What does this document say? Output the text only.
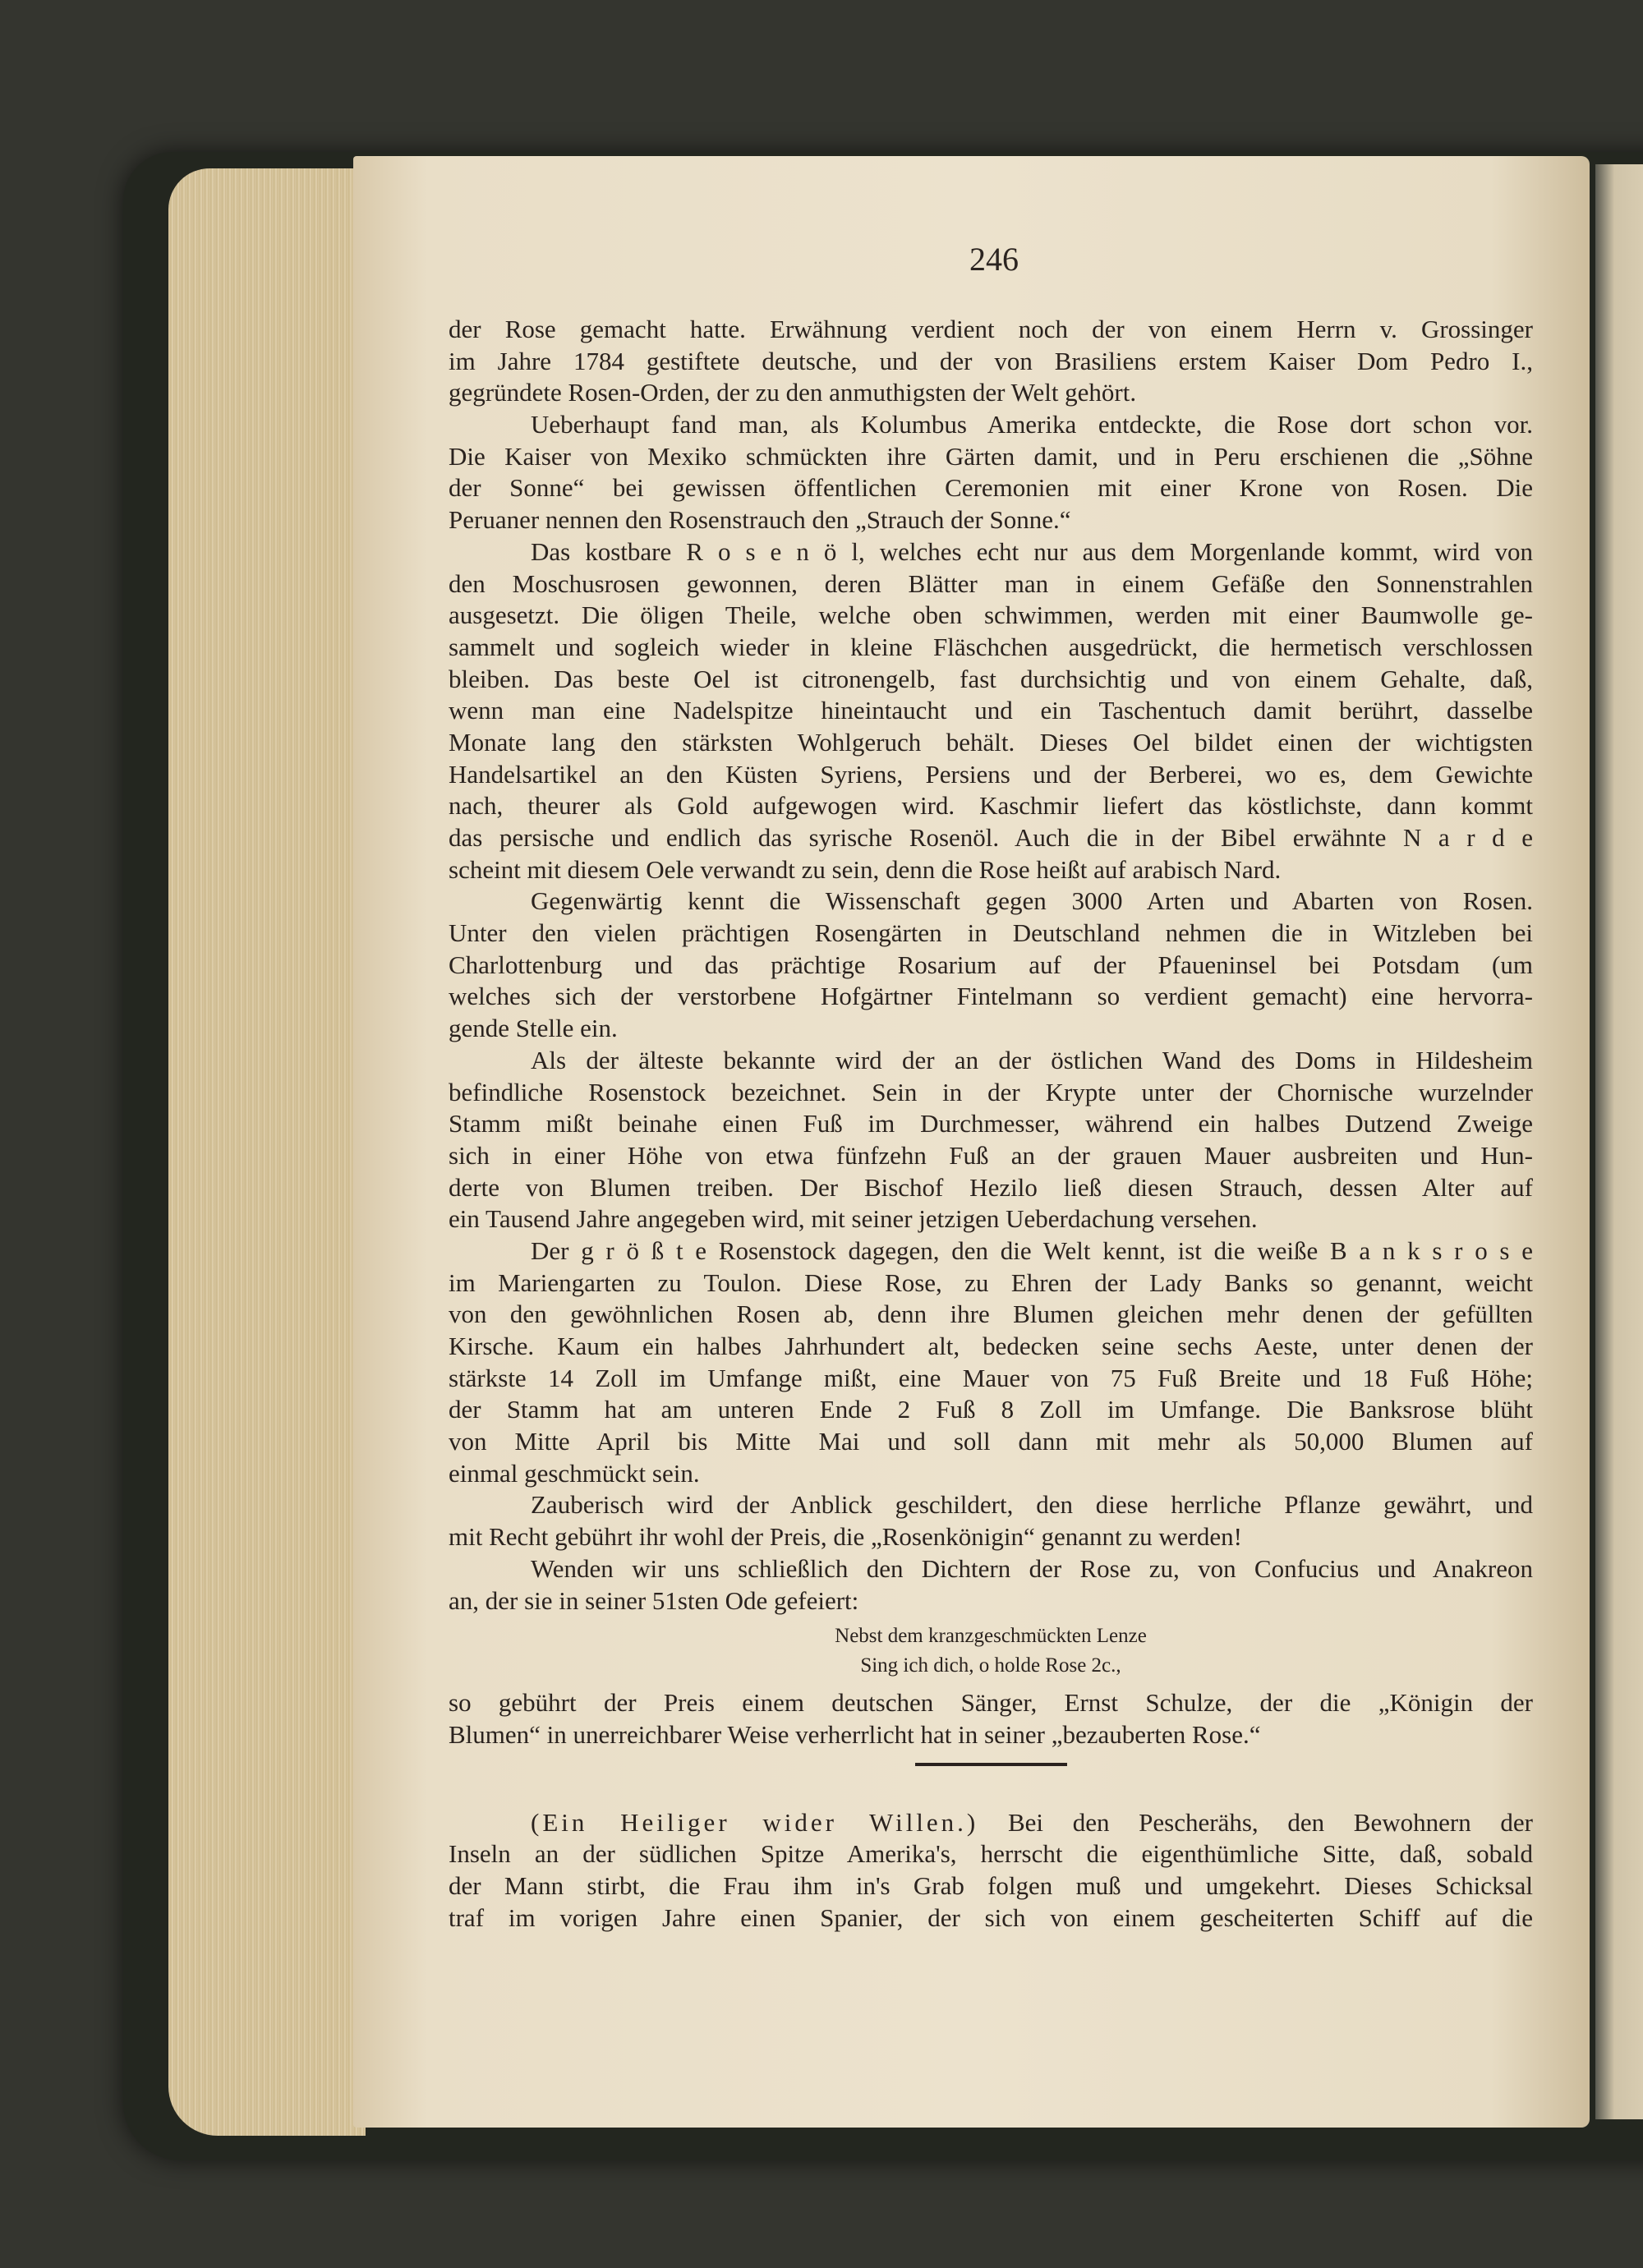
246
der Rose gemacht hatte. Erwähnung verdient noch der von einem Herrn v. Grossinger
im Jahre 1784 gestiftete deutsche, und der von Brasiliens erstem Kaiser Dom Pedro I.,
gegründete Rosen-Orden, der zu den anmuthigsten der Welt gehört.
Ueberhaupt fand man, als Kolumbus Amerika entdeckte, die Rose dort schon vor.
Die Kaiser von Mexiko schmückten ihre Gärten damit, und in Peru erschienen die „Söhne
der Sonne“ bei gewissen öffentlichen Ceremonien mit einer Krone von Rosen. Die
Peruaner nennen den Rosenstrauch den „Strauch der Sonne.“
Das kostbare R o s e n ö l, welches echt nur aus dem Morgenlande kommt, wird von
den Moschusrosen gewonnen, deren Blätter man in einem Gefäße den Sonnenstrahlen
ausgesetzt. Die öligen Theile, welche oben schwimmen, werden mit einer Baumwolle ge-
sammelt und sogleich wieder in kleine Fläschchen ausgedrückt, die hermetisch verschlossen
bleiben. Das beste Oel ist citronengelb, fast durchsichtig und von einem Gehalte, daß,
wenn man eine Nadelspitze hineintaucht und ein Taschentuch damit berührt, dasselbe
Monate lang den stärksten Wohlgeruch behält. Dieses Oel bildet einen der wichtigsten
Handelsartikel an den Küsten Syriens, Persiens und der Berberei, wo es, dem Gewichte
nach, theurer als Gold aufgewogen wird. Kaschmir liefert das köstlichste, dann kommt
das persische und endlich das syrische Rosenöl. Auch die in der Bibel erwähnte N a r d e
scheint mit diesem Oele verwandt zu sein, denn die Rose heißt auf arabisch Nard.
Gegenwärtig kennt die Wissenschaft gegen 3000 Arten und Abarten von Rosen.
Unter den vielen prächtigen Rosengärten in Deutschland nehmen die in Witzleben bei
Charlottenburg und das prächtige Rosarium auf der Pfaueninsel bei Potsdam (um
welches sich der verstorbene Hofgärtner Fintelmann so verdient gemacht) eine hervorra-
gende Stelle ein.
Als der älteste bekannte wird der an der östlichen Wand des Doms in Hildesheim
befindliche Rosenstock bezeichnet. Sein in der Krypte unter der Chornische wurzelnder
Stamm mißt beinahe einen Fuß im Durchmesser, während ein halbes Dutzend Zweige
sich in einer Höhe von etwa fünfzehn Fuß an der grauen Mauer ausbreiten und Hun-
derte von Blumen treiben. Der Bischof Hezilo ließ diesen Strauch, dessen Alter auf
ein Tausend Jahre angegeben wird, mit seiner jetzigen Ueberdachung versehen.
Der g r ö ß t e Rosenstock dagegen, den die Welt kennt, ist die weiße B a n k s r o s e
im Mariengarten zu Toulon. Diese Rose, zu Ehren der Lady Banks so genannt, weicht
von den gewöhnlichen Rosen ab, denn ihre Blumen gleichen mehr denen der gefüllten
Kirsche. Kaum ein halbes Jahrhundert alt, bedecken seine sechs Aeste, unter denen der
stärkste 14 Zoll im Umfange mißt, eine Mauer von 75 Fuß Breite und 18 Fuß Höhe;
der Stamm hat am unteren Ende 2 Fuß 8 Zoll im Umfange. Die Banksrose blüht
von Mitte April bis Mitte Mai und soll dann mit mehr als 50,000 Blumen auf
einmal geschmückt sein.
Zauberisch wird der Anblick geschildert, den diese herrliche Pflanze gewährt, und
mit Recht gebührt ihr wohl der Preis, die „Rosenkönigin“ genannt zu werden!
Wenden wir uns schließlich den Dichtern der Rose zu, von Confucius und Anakreon
an, der sie in seiner 51sten Ode gefeiert:
Nebst dem kranzgeschmückten Lenze
Sing ich dich, o holde Rose 2c.,
so gebührt der Preis einem deutschen Sänger, Ernst Schulze, der die „Königin der
Blumen“ in unerreichbarer Weise verherrlicht hat in seiner „bezauberten Rose.“
(Ein Heiliger wider Willen.) Bei den Pescherähs, den Bewohnern der
Inseln an der südlichen Spitze Amerika's, herrscht die eigenthümliche Sitte, daß, sobald
der Mann stirbt, die Frau ihm in's Grab folgen muß und umgekehrt. Dieses Schicksal
traf im vorigen Jahre einen Spanier, der sich von einem gescheiterten Schiff auf die
